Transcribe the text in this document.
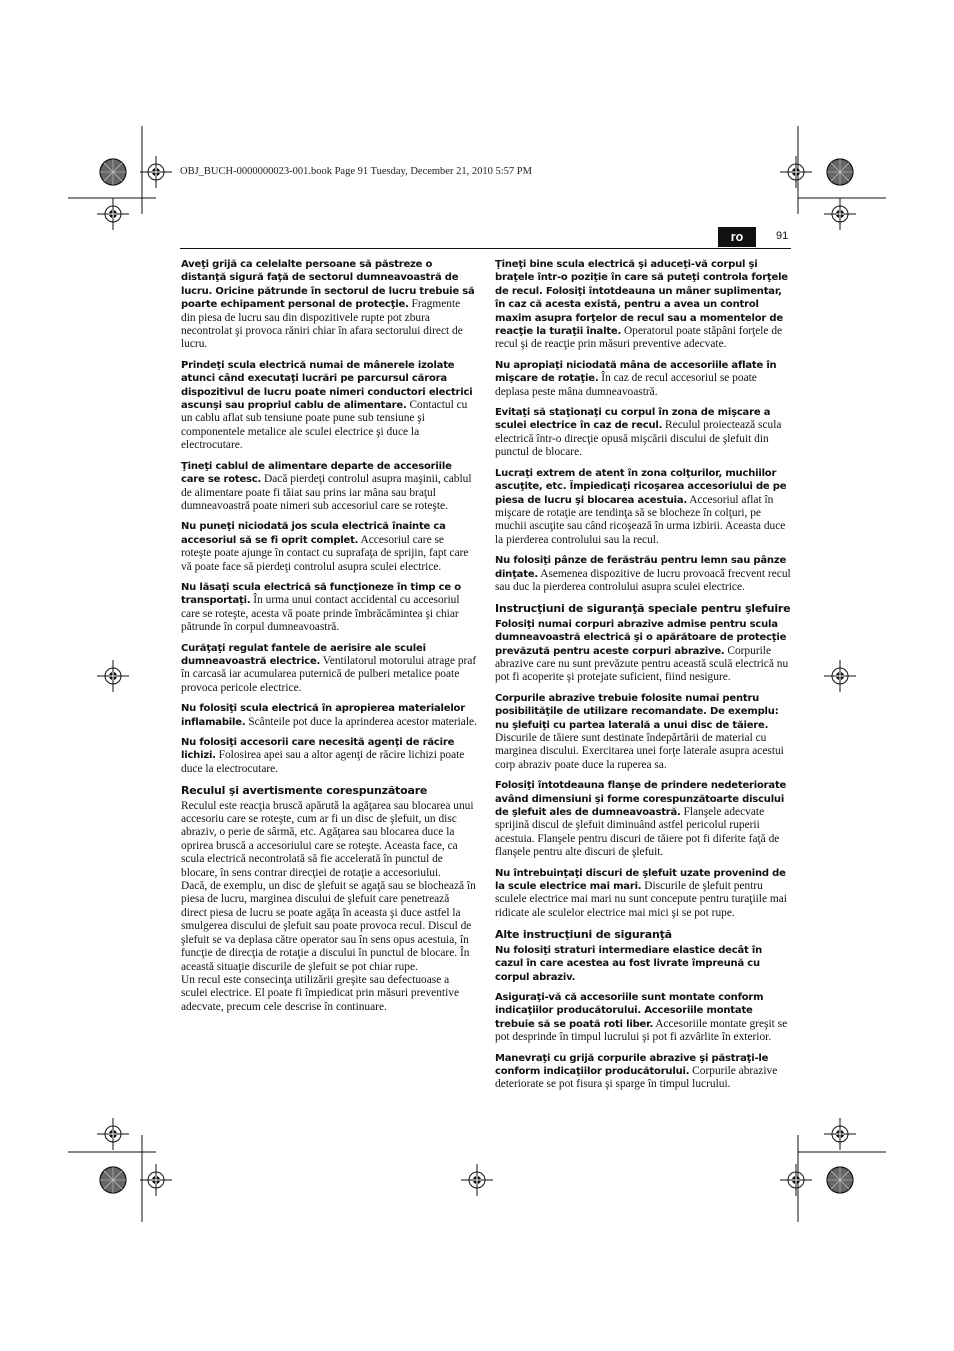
OBJ_BUCH-0000000023-001.book Page 91 Tuesday, December 21, 2010 5:57 PM
ro	91

Aveţi grijă ca celelalte persoane să păstreze o distanţă sigură faţă de sectorul dumneavoastră de lucru. Oricine pătrunde în sectorul de lucru trebuie să poarte echipament personal de protecţie. Fragmente din piesa de lucru sau din dispozitivele rupte pot zbura necontrolat şi provoca răniri chiar în afara sectorului direct de lucru.

Prindeţi scula electrică numai de mânerele izolate atunci când executaţi lucrări pe parcursul cărora dispozitivul de lucru poate nimeri conductori electrici ascunşi sau propriul cablu de alimentare. Contactul cu un cablu aflat sub tensiune poate pune sub tensiune şi componentele metalice ale sculei electrice şi duce la electrocutare.

Ţineţi cablul de alimentare departe de accesoriile care se rotesc. Dacă pierdeţi controlul asupra maşinii, cablul de alimentare poate fi tăiat sau prins iar mâna sau braţul dumneavoastră poate nimeri sub accesoriul care se roteşte.

Nu puneţi niciodată jos scula electrică înainte ca accesoriul să se fi oprit complet. Accesoriul care se roteşte poate ajunge în contact cu suprafaţa de sprijin, fapt care vă poate face să pierdeţi controlul asupra sculei electrice.

Nu lăsaţi scula electrică să funcţioneze în timp ce o transportaţi. În urma unui contact accidental cu accesoriul care se roteşte, acesta vă poate prinde îmbrăcămintea şi chiar pătrunde în corpul dumneavoastră.

Curăţaţi regulat fantele de aerisire ale sculei dumneavoastră electrice. Ventilatorul motorului atrage praf în carcasă iar acumularea puternică de pulberi metalice poate provoca pericole electrice.

Nu folosiţi scula electrică în apropierea materialelor inflamabile. Scânteile pot duce la aprinderea acestor materiale.

Nu folosiţi accesorii care necesită agenţi de răcire lichizi. Folosirea apei sau a altor agenţi de răcire lichizi poate duce la electrocutare.

Reculul şi avertismente corespunzătoare

Reculul este reacţia bruscă apărută la agăţarea sau blocarea unui accesoriu care se roteşte, cum ar fi un disc de şlefuit, un disc abraziv, o perie de sârmă, etc. Agăţarea sau blocarea duce la oprirea bruscă a accesoriului care se roteşte. Aceasta face, ca scula electrică necontrolată să fie accelerată în punctul de blocare, în sens contrar direcţiei de rotaţie a accesoriului.

Dacă, de exemplu, un disc de şlefuit se agaţă sau se blochează în piesa de lucru, marginea discului de şlefuit care penetrează direct piesa de lucru se poate agăţa în aceasta şi duce astfel la smulgerea discului de şlefuit sau poate provoca recul. Discul de şlefuit se va deplasa către operator sau în sens opus acestuia, în funcţie de direcţia de rotaţie a discului în punctul de blocare. În această situaţie discurile de şlefuit se pot chiar rupe.

Un recul este consecinţa utilizării greşite sau defectuoase a sculei electrice. El poate fi împiedicat prin măsuri preventive adecvate, precum cele descrise în continuare.

Ţineţi bine scula electrică şi aduceţi-vă corpul şi braţele într-o poziţie în care să puteţi controla forţele de recul. Folosiţi întotdeauna un mâner suplimentar, în caz că acesta există, pentru a avea un control maxim asupra forţelor de recul sau a momentelor de reacţie la turaţii înalte. Operatorul poate stăpâni forţele de recul şi de reacţie prin măsuri preventive adecvate.

Nu apropiaţi niciodată mâna de accesoriile aflate în mişcare de rotaţie. În caz de recul accesoriul se poate deplasa peste mâna dumneavoastră.

Evitaţi să staţionaţi cu corpul în zona de mişcare a sculei electrice în caz de recul. Reculul proiectează scula electrică într-o direcţie opusă mişcării discului de şlefuit din punctul de blocare.

Lucraţi extrem de atent în zona colţurilor, muchiilor ascuţite, etc. Împiedicaţi ricoşarea accesoriului de pe piesa de lucru şi blocarea acestuia. Accesoriul aflat în mişcare de rotaţie are tendinţa să se blocheze în colţuri, pe muchii ascuţite sau când ricoşează în urma izbirii. Aceasta duce la pierderea controlului sau la recul.

Nu folosiţi pânze de ferăstrău pentru lemn sau pânze dinţate. Asemenea dispozitive de lucru provoacă frecvent recul sau duc la pierderea controlului asupra sculei electrice.

Instrucţiuni de siguranţă speciale pentru şlefuire

Folosiţi numai corpuri abrazive admise pentru scula dumneavoastră electrică şi o apărătoare de protecţie prevăzută pentru aceste corpuri abrazive. Corpurile abrazive care nu sunt prevăzute pentru această sculă electrică nu pot fi acoperite şi protejate suficient, fiind nesigure.

Corpurile abrazive trebuie folosite numai pentru posibilităţile de utilizare recomandate. De exemplu: nu şlefuiţi cu partea laterală a unui disc de tăiere. Discurile de tăiere sunt destinate îndepărtării de material cu marginea discului. Exercitarea unei forţe laterale asupra acestui corp abraziv poate duce la ruperea sa.

Folosiţi întotdeauna flanşe de prindere nedeteriorate având dimensiuni şi forme corespunzătoarte discului de şlefuit ales de dumneavoastră. Flanşele adecvate sprijină discul de şlefuit diminuând astfel pericolul ruperii acestuia. Flanşele pentru discuri de tăiere pot fi diferite faţă de flanşele pentru alte discuri de şlefuit.

Nu întrebuinţaţi discuri de şlefuit uzate provenind de la scule electrice mai mari. Discurile de şlefuit pentru sculele electrice mai mari nu sunt concepute pentru turaţiile mai ridicate ale sculelor electrice mai mici şi se pot rupe.

Alte instrucţiuni de siguranţă

Nu folosiţi straturi intermediare elastice decât în cazul în care acestea au fost livrate împreună cu corpul abraziv.

Asiguraţi-vă că accesoriile sunt montate conform indicaţiilor producătorului. Accesoriile montate trebuie să se poată roti liber. Accesoriile montate greşit se pot desprinde în timpul lucrului şi pot fi azvârlite în exterior.

Manevraţi cu grijă corpurile abrazive şi păstraţi-le conform indicaţiilor producătorului. Corpurile abrazive deteriorate se pot fisura şi sparge în timpul lucrului.
